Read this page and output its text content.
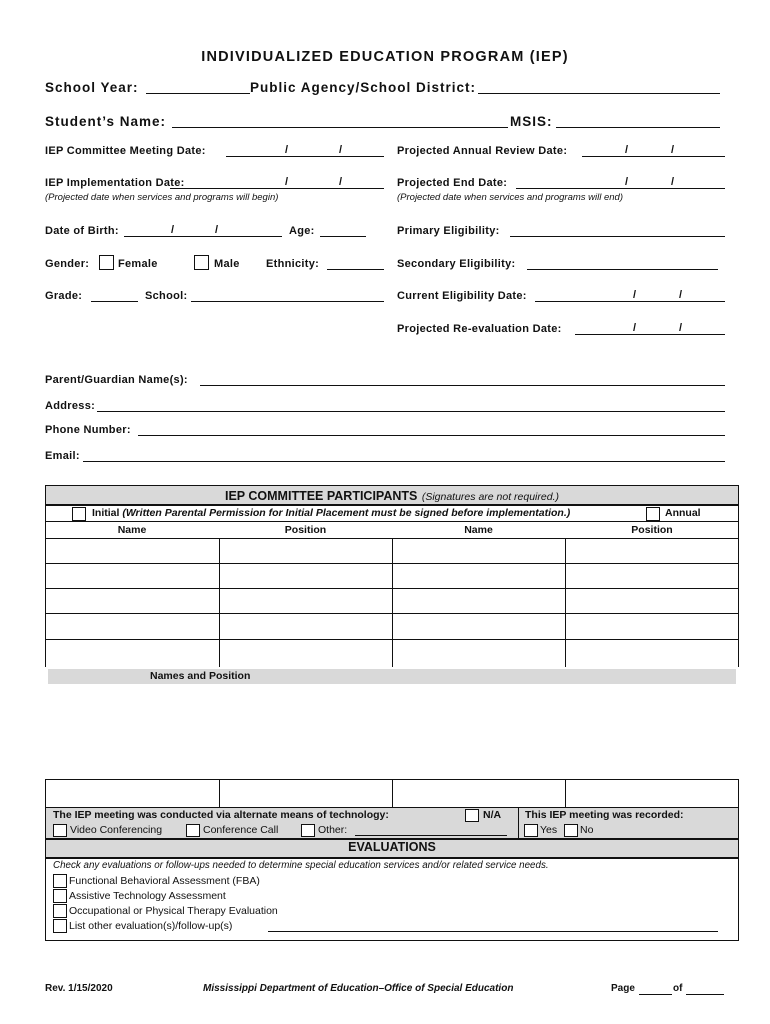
INDIVIDUALIZED EDUCATION PROGRAM (IEP)
School Year:	Public Agency/School District:
Student’s Name:	MSIS:
IEP Committee Meeting Date:	/	/	Projected Annual Review Date:	/	/
IEP Implementation Date:	/	/
(Projected date when services and programs will begin)
Projected End Date:	/	/
(Projected date when services and programs will end)
Date of Birth:	/	/	Age:	Primary Eligibility:
Gender:	Female	Male Ethnicity:	Secondary Eligibility:
Grade:	School:	Current Eligibility Date:	/	/
Projected Re-evaluation Date:	/	/
Parent/Guardian Name(s):
Address:
Phone Number:
Email:
IEP COMMITTEE PARTICIPANTS (Signatures are not required.)
Initial (Written Parental Permission for Initial Placement must be signed before implementation.)	Annual
Name	Position	Name	Position
Names and Position
The IEP meeting was conducted via alternate means of technology:	N/A
Video Conferencing	Conference Call	Other:
This IEP meeting was recorded:
Yes No
EVALUATIONS
Check any evaluations or follow-ups needed to determine special education services and/or related service needs.
Functional Behavioral Assessment (FBA)
Assistive Technology Assessment
Occupational or Physical Therapy Evaluation
List other evaluation(s)/follow-up(s)
Rev. 1/15/2020	Mississippi Department of Education–Office of Special Education	Page	of
